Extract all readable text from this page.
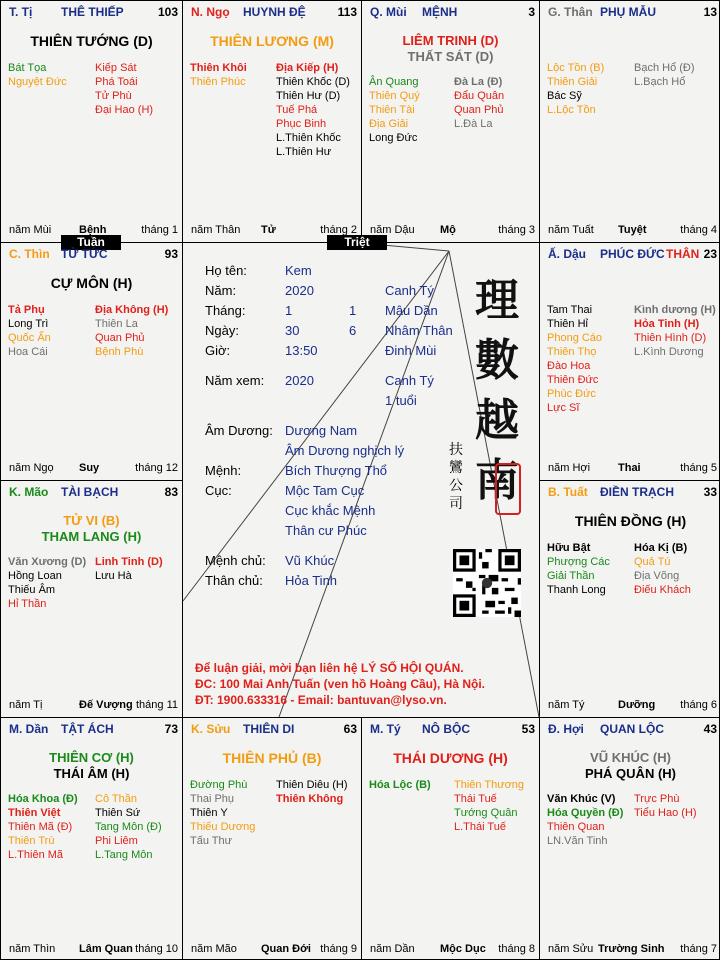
Tuần	Triệt
T. Tị THÊ THIẾP	103
THIÊN TƯỚNG (D)
Bát Tọa
Nguyệt Đức
Kiếp Sát
Phá Toái
Tử Phù
Đại Hao (H)
năm Mùi	Bệnh	tháng 1
N. Ngọ HUYNH ĐỆ	113
THIÊN LƯƠNG (M)
Thiên Khôi
Thiên Phúc
Địa Kiếp (H)
Thiên Khốc (D)
Thiên Hư (D)
Tuế Phá
Phục Binh
L.Thiên Khốc
L.Thiên Hư
năm Thân Tử	tháng 2
Q. Mùi MỆNH	3
LIÊM TRINH (D)
THẤT SÁT (D)
Ân Quang
Thiên Quý
Thiên Tài
Địa Giải
Long Đức
Đà La (Đ)
Đẩu Quân
Quan Phủ
L.Đà La
năm Dậu Mộ	tháng 3
G. Thân PHỤ MẪU	13
Lộc Tồn (B)
Thiên Giải
Bác Sỹ
L.Lộc Tồn
Bạch Hổ (Đ)
L.Bạch Hổ
năm Tuất Tuyệt	tháng 4
Ấ. Dậu PHÚC ĐỨC THÂN 23
Tam Thai
Thiên Hỉ
Phong Cáo
Thiên Thọ
Đào Hoa
Thiên Đức
Phúc Đức
Lực Sĩ
Kình dương (H)
Hỏa Tinh (H)
Thiên Hình (D)
L.Kình Dương
năm Hợi	Thai	tháng 5
B. Tuất ĐIỀN TRẠCH 33
THIÊN ĐỒNG (H)
Hữu Bật
Phượng Các
Giải Thần
Thanh Long
Hóa Kị (B)
Quả Tú
Địa Võng
Điếu Khách
năm Tý	Dưỡng tháng 6
Đ. Hợi QUAN LỘC	43
VŨ KHÚC (H)
PHÁ QUÂN (H)
Văn Khúc (V)
Hóa Quyền (Đ)
Thiên Quan
LN.Văn Tinh
Trực Phù
Tiểu Hao (H)
năm Sửu Trường Sinh tháng 7
M. Tý NÔ BỘC	53
THÁI DƯƠNG (H)
Hóa Lộc (B) Thiên Thương
Thái Tuế
Tướng Quân
L.Thái Tuế
năm Dần Mộc Dục tháng 8
K. Sửu THIÊN DI	63
THIÊN PHỦ (B)
Đường Phù
Thai Phụ
Thiên Y
Thiếu Dương
Tấu Thư
Thiên Diêu (H)
Thiên Không
năm Mão Quan Đới tháng 9
M. Dần TẬT ÁCH	73
THIÊN CƠ (H)
THÁI ÂM (H)
Hóa Khoa (Đ)
Thiên Việt
Thiên Mã (Đ)
Thiên Trù
L.Thiên Mã
Cô Thần
Thiên Sứ
Tang Môn (Đ)
Phi Liêm
L.Tang Môn
năm Thìn Lâm Quan tháng 10
K. Mão TÀI BẠCH	83
TỬ VI (B)
THAM LANG (H)
Văn Xương (D)
Hồng Loan
Thiếu Âm
Hỉ Thần
Linh Tinh (D)
Lưu Hà
năm Tị	Đế Vượng tháng 11
C. Thìn TỬ TỨC	93
CỰ MÔN (H)
Tả Phụ
Long Trì
Quốc Ấn
Hoa Cái
Địa Không (H)
Thiên La
Quan Phủ
Bệnh Phù
năm Ngọ Suy	tháng 12
Họ tên:	Kem
Năm:	2020	Canh Tý
Tháng:	1	1 Mậu Dần
Ngày:	30	6 Nhâm Thân
Giờ:	13:50	Đinh Mùi
Năm xem: 2020	Canh Tý
1 tuổi
Âm Dương: Dương Nam
Âm Dương nghịch lý
Mệnh:	Bích Thượng Thổ
Cục:	Mộc Tam Cục
Cục khắc Mệnh
Thân cư Phúc
Mệnh chủ: Vũ Khúc
Thân chủ: Hỏa Tinh
Để luận giải, mời bạn liên hệ LÝ SỐ HỘI QUÁN.
ĐC: 100 Mai Anh Tuấn (ven hồ Hoàng Cầu), Hà Nội.
ĐT: 1900.633316 - Email: bantuvan@lyso.vn.
理
數
越
南
扶鸞公司
